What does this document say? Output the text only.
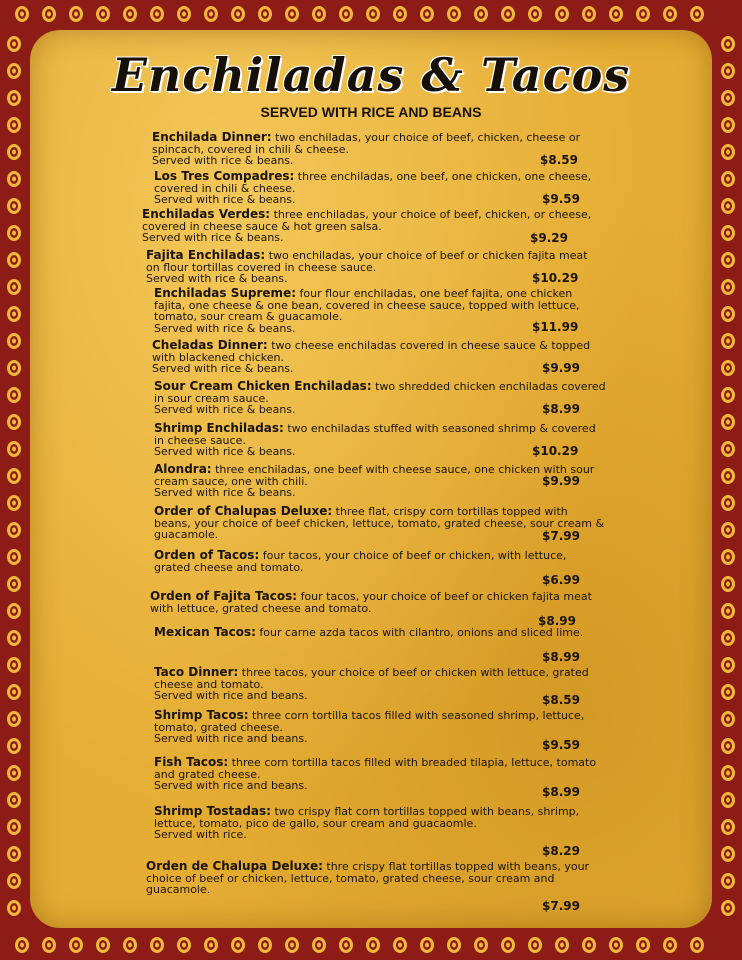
Enchiladas & Tacos
SERVED WITH RICE AND BEANS
Enchilada Dinner: two enchiladas, your choice of beef, chicken, cheese or spincach, covered in chili & cheese.
Served with rice & beans.	$8.59
Los Tres Compadres: three enchiladas, one beef, one chicken, one cheese, covered in chili & cheese.
Served with rice & beans.	$9.59
Enchiladas Verdes: three enchiladas, your choice of beef, chicken, or cheese, covered in cheese sauce & hot green salsa.
Served with rice & beans.	$9.29
Fajita Enchiladas: two enchiladas, your choice of beef or chicken fajita meat on flour tortillas covered in cheese sauce.
Served with rice & beans.	$10.29
Enchiladas Supreme: four flour enchiladas, one beef fajita, one chicken fajita, one cheese & one bean, covered in cheese sauce, topped with lettuce, tomato, sour cream & guacamole.
Served with rice & beans.	$11.99
Cheladas Dinner: two cheese enchiladas covered in cheese sauce & topped with blackened chicken.
Served with rice & beans.	$9.99
Sour Cream Chicken Enchiladas: two shredded chicken enchiladas covered in sour cream sauce.
Served with rice & beans.	$8.99
Shrimp Enchiladas: two enchiladas stuffed with seasoned shrimp & covered in cheese sauce.
Served with rice & beans.	$10.29
Alondra: three enchiladas, one beef with cheese sauce, one chicken with sour cream sauce, one with chili.
Served with rice & beans.
$9.99
Order of Chalupas Deluxe: three flat, crispy corn tortillas topped with beans, your choice of beef chicken, lettuce, tomato, grated cheese, sour cream & guacamole.	$7.99
Orden of Tacos: four tacos, your choice of beef or chicken, with lettuce, grated cheese and tomato.
$6.99
Orden of Fajita Tacos: four tacos, your choice of beef or chicken fajita meat with lettuce, grated cheese and tomato.
$8.99
Mexican Tacos: four carne azda tacos with cilantro, onions and sliced lime.
$8.99
Taco Dinner: three tacos, your choice of beef or chicken with lettuce, grated cheese and tomato.
Served with rice and beans.	$8.59
Shrimp Tacos: three corn tortilla tacos filled with seasoned shrimp, lettuce, tomato, grated cheese.
Served with rice and beans.	$9.59
Fish Tacos: three corn tortilla tacos filled with breaded tilapia, lettuce, tomato and grated cheese.
Served with rice and beans.	$8.99
Shrimp Tostadas: two crispy flat corn tortillas topped with beans, shrimp, lettuce, tomato, pico de gallo, sour cream and guacaomle.
Served with rice.
$8.29
Orden de Chalupa Deluxe: thre crispy flat tortillas topped with beans, your choice of beef or chicken, lettuce, tomato, grated cheese, sour cream and guacamole.
$7.99
